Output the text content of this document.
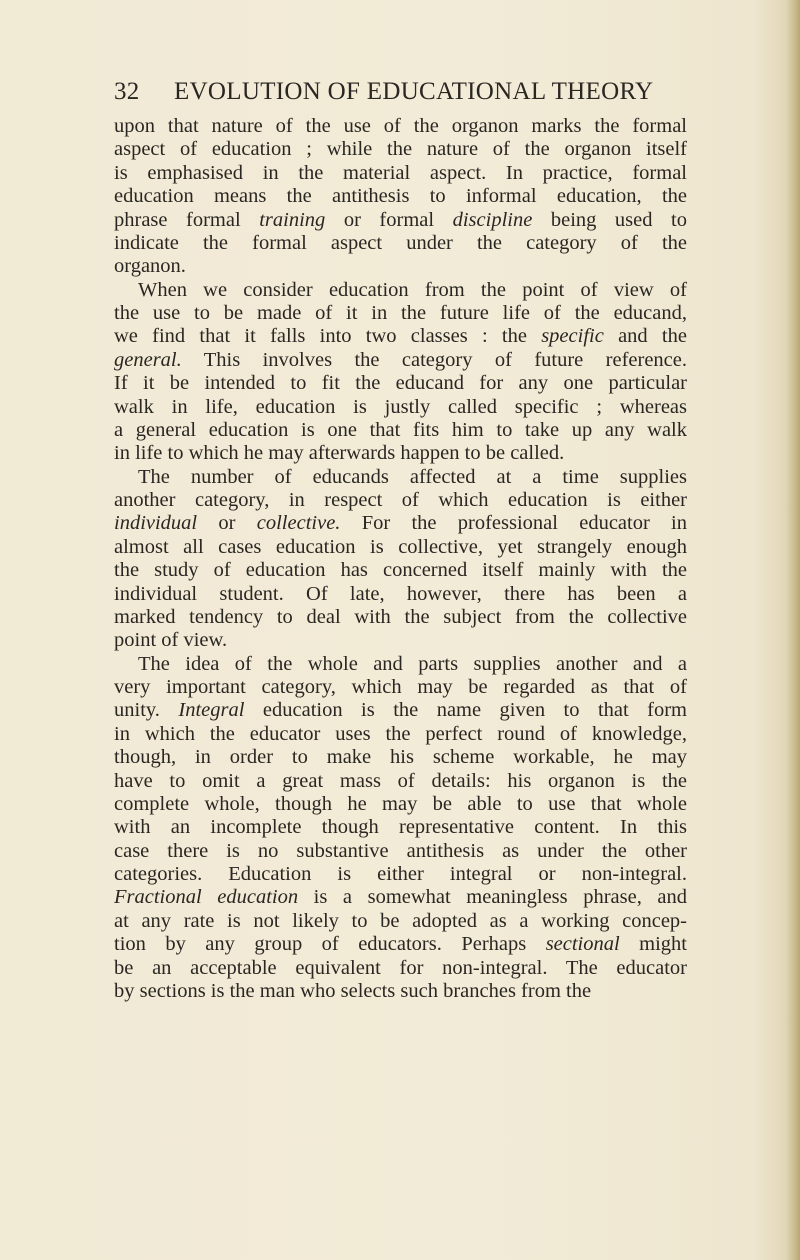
32 EVOLUTION OF EDUCATIONAL THEORY
upon that nature of the use of the organon marks the formal
aspect of education ; while the nature of the organon itself
is emphasised in the material aspect. In practice, formal
education means the antithesis to informal education, the
phrase formal training or formal discipline being used to
indicate the formal aspect under the category of the
organon.
When we consider education from the point of view of
the use to be made of it in the future life of the educand,
we find that it falls into two classes : the specific and the
general. This involves the category of future reference.
If it be intended to fit the educand for any one particular
walk in life, education is justly called specific ; whereas
a general education is one that fits him to take up any walk
in life to which he may afterwards happen to be called.
The number of educands affected at a time supplies
another category, in respect of which education is either
individual or collective. For the professional educator in
almost all cases education is collective, yet strangely enough
the study of education has concerned itself mainly with the
individual student. Of late, however, there has been a
marked tendency to deal with the subject from the collective
point of view.
The idea of the whole and parts supplies another and a
very important category, which may be regarded as that of
unity. Integral education is the name given to that form
in which the educator uses the perfect round of knowledge,
though, in order to make his scheme workable, he may
have to omit a great mass of details: his organon is the
complete whole, though he may be able to use that whole
with an incomplete though representative content. In this
case there is no substantive antithesis as under the other
categories. Education is either integral or non-integral.
Fractional education is a somewhat meaningless phrase, and
at any rate is not likely to be adopted as a working concep-
tion by any group of educators. Perhaps sectional might
be an acceptable equivalent for non-integral. The educator
by sections is the man who selects such branches from the
